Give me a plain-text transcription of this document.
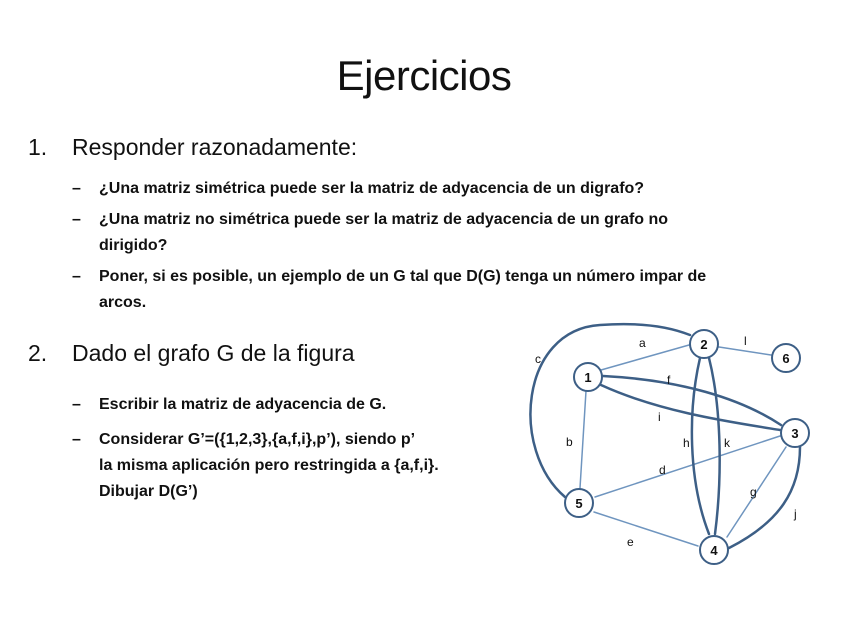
Ejercicios
1. Responder razonadamente:
– ¿Una matriz simétrica puede ser la matriz de adyacencia de un digrafo?
– ¿Una matriz no simétrica puede ser la matriz de adyacencia de un grafo no
dirigido?
– Poner, si es posible, un ejemplo de un G tal que D(G) tenga un número impar de
arcos.
2. Dado el grafo G de la figura
– Escribir la matriz de adyacencia de G.
– Considerar G’=({1,2,3},{a,f,i},p’), siendo p’
la misma aplicación pero restringida a {a,f,i}.
Dibujar D(G’)
a
b
c
d
e
f
g
h
i
j
k
l
1
2
3
4
5
6
